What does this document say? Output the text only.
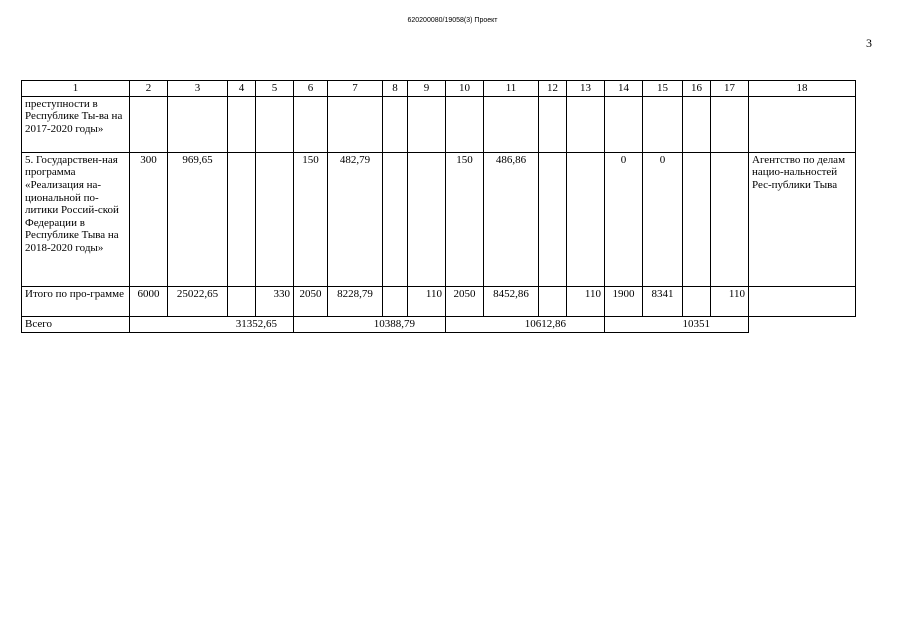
620200080/19058(3) Проект
3
1	2	3	4	5	6	7	8	9	10	11	12	13	14	15	16	17	18
преступности в Республике Ты-ва на 2017-2020 годы»																	
5. Государствен-ная программа «Реализация на-циональной по-литики Россий-ской Федерации в Республике Тыва на 2018-2020 годы»	300	969,65			150	482,79			150	486,86			0	0			Агентство по делам нацио-нальностей Рес-публики Тыва
Итого по про-грамме	6000	25022,65		330	2050	8228,79		110	2050	8452,86		110	1900	8341		110	
Всего	31352,65				10388,79				10612,86				10351				
